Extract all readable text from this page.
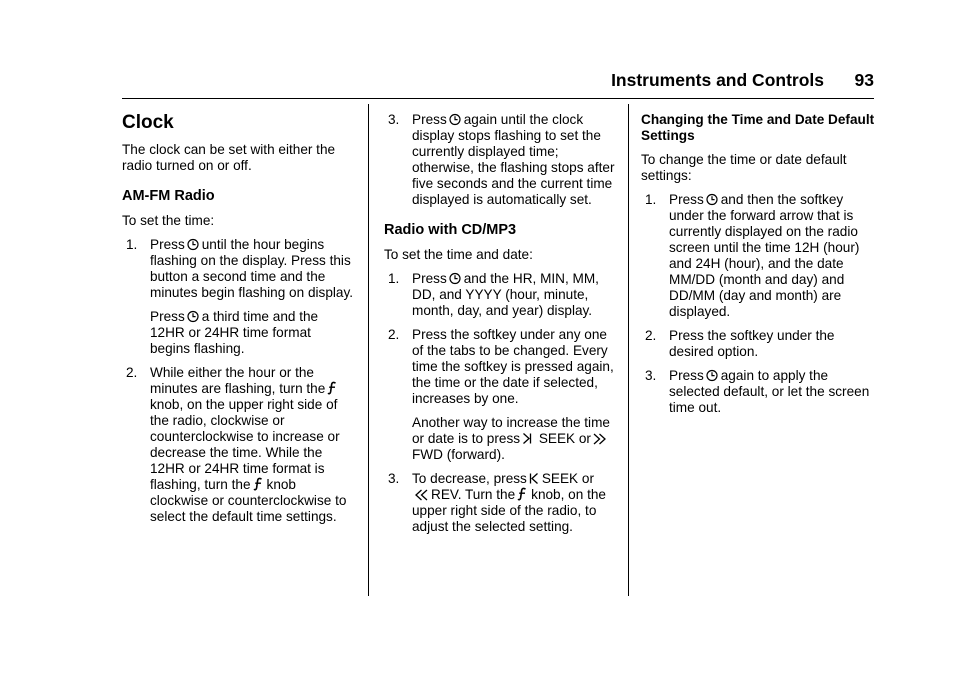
Instruments and Controls 93
Clock

The clock can be set with either the radio turned on or off.

AM-FM Radio

To set the time:

1. Press until the hour begins flashing on the display. Press this button a second time and the minutes begin flashing on display.

Press a third time and the 12HR or 24HR time format begins flashing.

2. While either the hour or the minutes are flashing, turn the
knob, on the upper right side of the radio, clockwise or counterclockwise to increase or decrease the time. While the 12HR or 24HR time format is flashing, turn the knob clockwise or counterclockwise to select the default time settings.

3. Press again until the clock display stops flashing to set the currently displayed time; otherwise, the flashing stops after five seconds and the current time displayed is automatically set.

Radio with CD/MP3

To set the time and date:

1. Press and the HR, MIN, MM, DD, and YYYY (hour, minute, month, day, and year) display.

2. Press the softkey under any one of the tabs to be changed. Every time the softkey is pressed again, the time or the date if selected, increases by one.

Another way to increase the time or date is to press SEEK or
FWD (forward).

3. To decrease, press SEEK or
REV. Turn the knob, on the upper right side of the radio, to adjust the selected setting.

Changing the Time and Date Default Settings

To change the time or date default settings:

1. Press and then the softkey under the forward arrow that is currently displayed on the radio screen until the time 12H (hour) and 24H (hour), and the date MM/DD (month and day) and DD/MM (day and month) are displayed.

2. Press the softkey under the desired option.

3. Press again to apply the selected default, or let the screen time out.
